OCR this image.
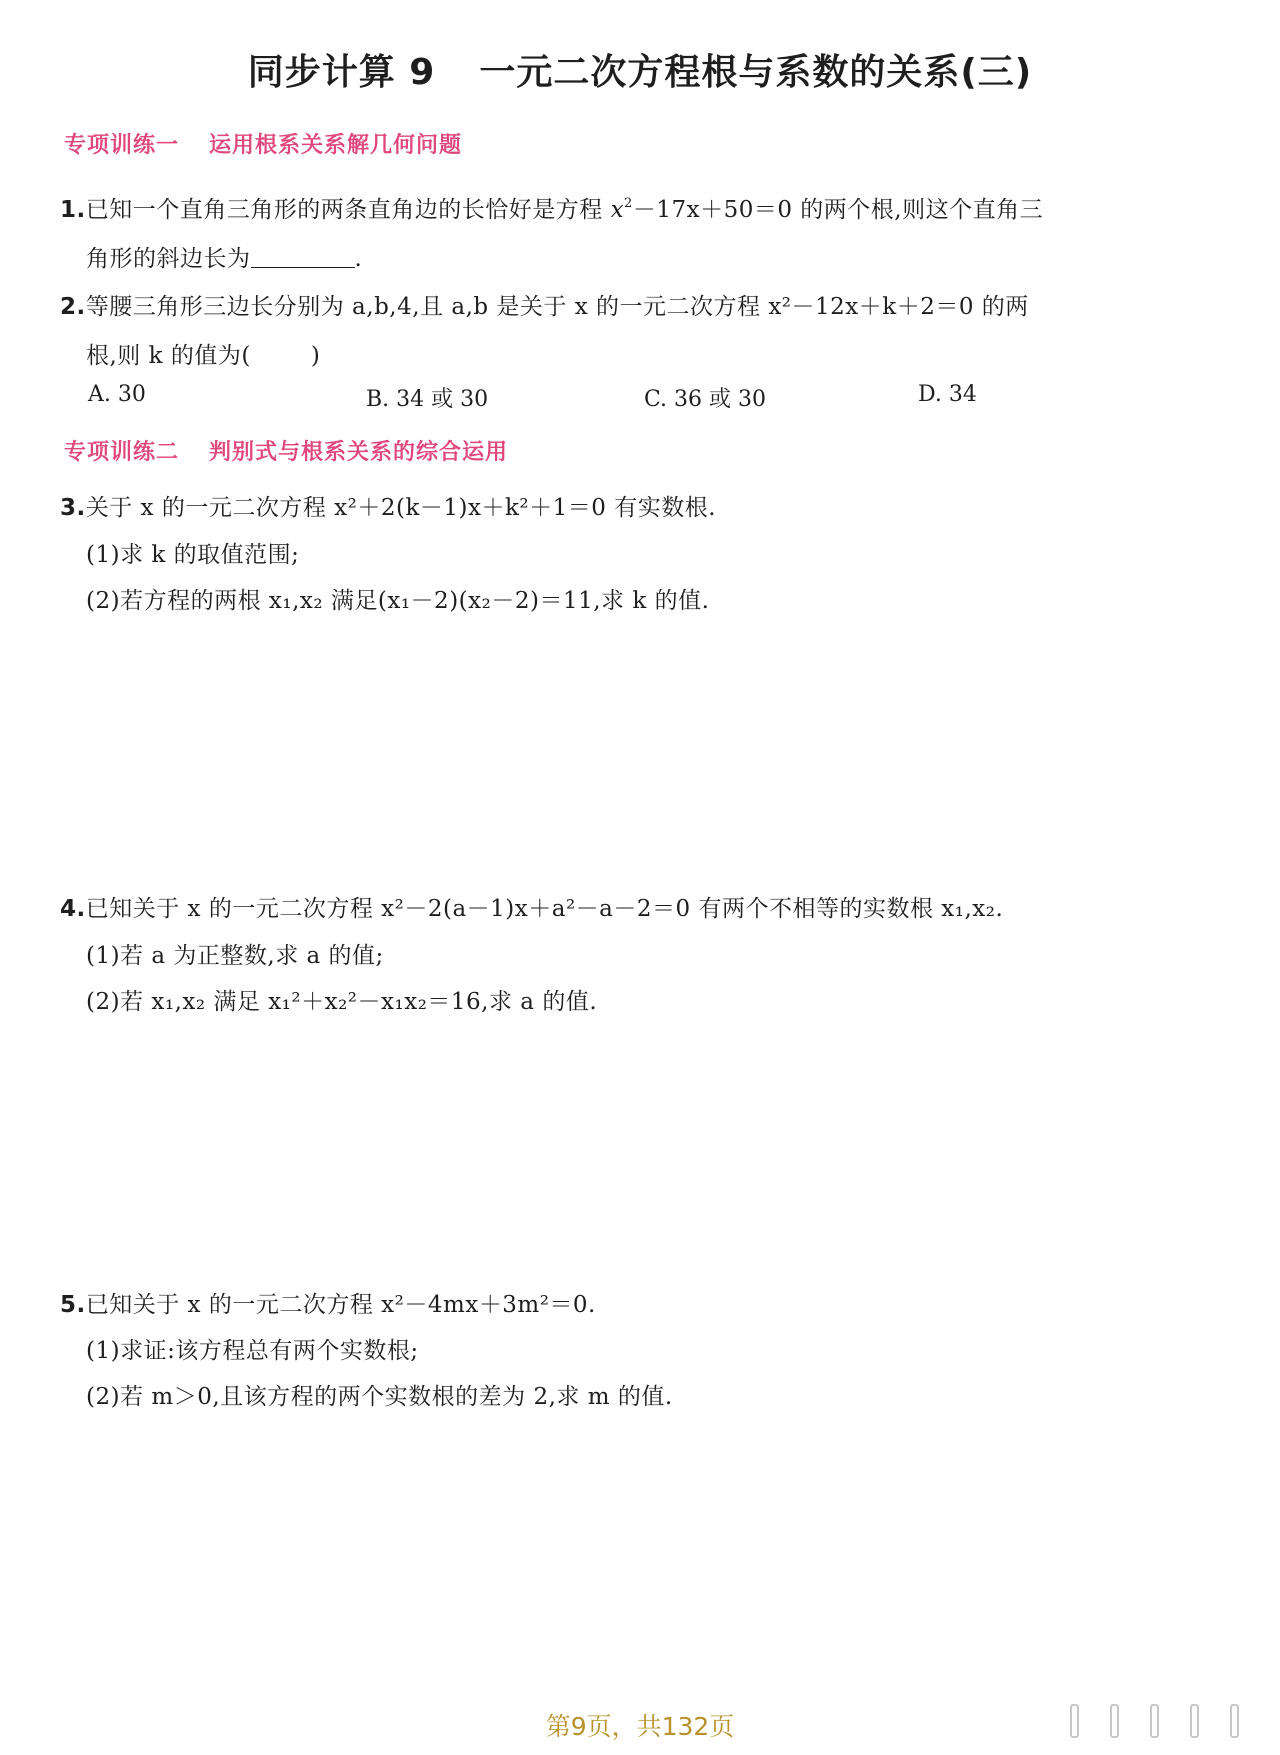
同步计算 9 一元二次方程根与系数的关系(三)
专项训练一 运用根系关系解几何问题
1.已知一个直角三角形的两条直角边的长恰好是方程 $x^2-17x+50=0$ 的两个根,则这个直角三
角形的斜边长为	.
2.等腰三角形三边长分别为 a,b,4,且 a,b 是关于 x 的一元二次方程 x²－12x＋k＋2＝0 的两
根,则 k 的值为(	)
A. 30	B. 34 或 30	C. 36 或 30	D. 34
专项训练二 判别式与根系关系的综合运用
3.关于 x 的一元二次方程 x²＋2(k－1)x＋k²＋1＝0 有实数根.
(1)求 k 的取值范围;
(2)若方程的两根 x₁,x₂ 满足(x₁－2)(x₂－2)＝11,求 k 的值.
4.已知关于 x 的一元二次方程 x²－2(a－1)x＋a²－a－2＝0 有两个不相等的实数根 x₁,x₂.
(1)若 a 为正整数,求 a 的值;
(2)若 x₁,x₂ 满足 x₁²＋x₂²－x₁x₂＝16,求 a 的值.
5.已知关于 x 的一元二次方程 x²－4mx＋3m²＝0.
(1)求证:该方程总有两个实数根;
(2)若 m＞0,且该方程的两个实数根的差为 2,求 m 的值.
第9页，共132页
